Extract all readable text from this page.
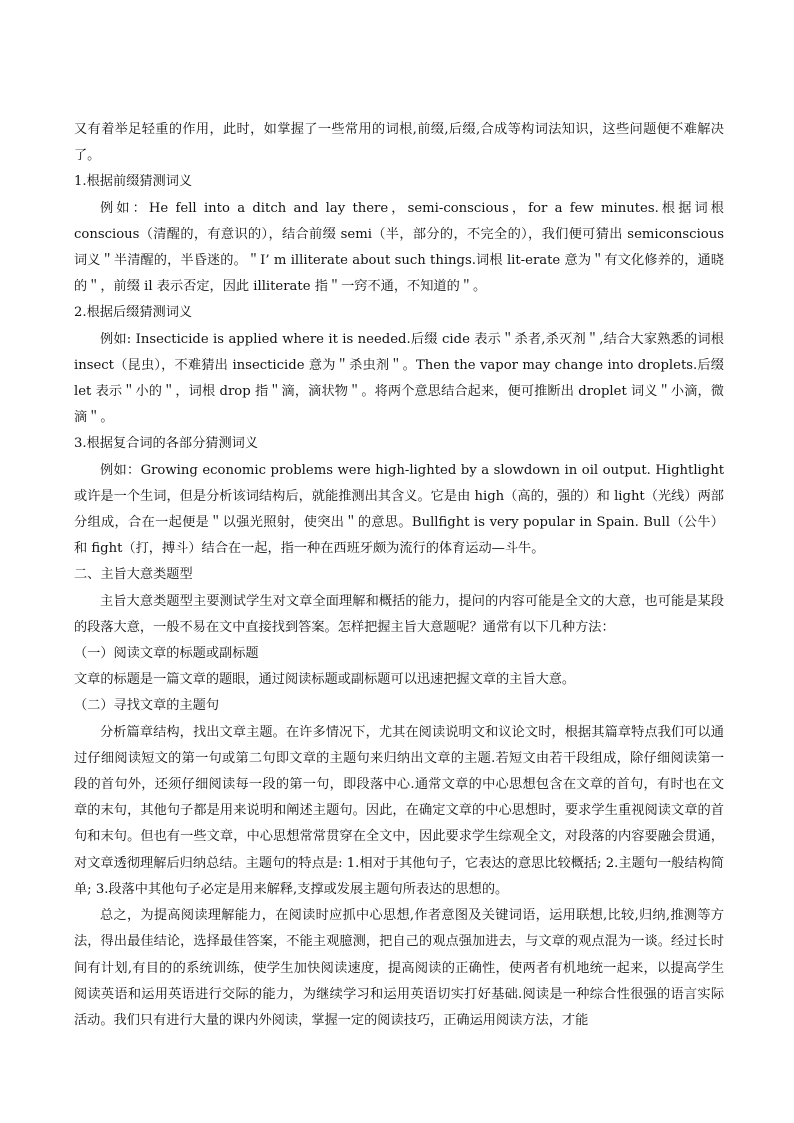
又有着举足轻重的作用，此时，如掌握了一些常用的词根,前缀,后缀,合成等构词法知识，这些问题便不难解决了。

1.根据前缀猜测词义

例如：He fell into a ditch and lay there，semi-conscious，for a few minutes.根据词根 conscious（清醒的，有意识的），结合前缀 semi（半，部分的，不完全的），我们便可猜出 semiconscious 词义＂半清醒的，半昏迷的。＂I’ m illiterate about such things.词根 lit-erate 意为＂有文化修养的，通晓的＂，前缀 il 表示否定，因此 illiterate 指＂一窍不通，不知道的＂。

2.根据后缀猜测词义

例如: Insecticide is applied where it is needed.后缀 cide 表示＂杀者,杀灭剂＂,结合大家熟悉的词根 insect（昆虫），不难猜出 insecticide 意为＂杀虫剂＂。Then the vapor may change into droplets.后缀 let 表示＂小的＂，词根 drop 指＂滴，滴状物＂。将两个意思结合起来，便可推断出 droplet 词义＂小滴，微滴＂。

3.根据复合词的各部分猜测词义

例如：Growing economic problems were high-lighted by a slowdown in oil output. Hightlight 或许是一个生词，但是分析该词结构后，就能推测出其含义。它是由 high（高的，强的）和 light（光线）两部分组成，合在一起便是＂以强光照射，使突出＂的意思。Bullfight is very popular in Spain. Bull（公牛）和 fight（打，搏斗）结合在一起，指一种在西班牙颇为流行的体育运动—斗牛。

二、主旨大意类题型

主旨大意类题型主要测试学生对文章全面理解和概括的能力，提问的内容可能是全文的大意，也可能是某段的段落大意，一般不易在文中直接找到答案。怎样把握主旨大意题呢？通常有以下几种方法：

（一）阅读文章的标题或副标题

文章的标题是一篇文章的题眼，通过阅读标题或副标题可以迅速把握文章的主旨大意。

（二）寻找文章的主题句

分析篇章结构，找出文章主题。在许多情况下，尤其在阅读说明文和议论文时，根据其篇章特点我们可以通过仔细阅读短文的第一句或第二句即文章的主题句来归纳出文章的主题.若短文由若干段组成，除仔细阅读第一段的首句外，还须仔细阅读每一段的第一句，即段落中心.通常文章的中心思想包含在文章的首句，有时也在文章的末句，其他句子都是用来说明和阐述主题句。因此，在确定文章的中心思想时，要求学生重视阅读文章的首句和末句。但也有一些文章，中心思想常常贯穿在全文中，因此要求学生综观全文，对段落的内容要融会贯通，对文章透彻理解后归纳总结。主题句的特点是: 1.相对于其他句子，它表达的意思比较概括; 2.主题句一般结构简单; 3.段落中其他句子必定是用来解释,支撑或发展主题句所表达的思想的。

总之，为提高阅读理解能力，在阅读时应抓中心思想,作者意图及关键词语，运用联想,比较,归纳,推测等方法，得出最佳结论，选择最佳答案，不能主观臆测，把自己的观点强加进去，与文章的观点混为一谈。经过长时间有计划,有目的的系统训练，使学生加快阅读速度，提高阅读的正确性，使两者有机地统一起来，以提高学生阅读英语和运用英语进行交际的能力，为继续学习和运用英语切实打好基础.阅读是一种综合性很强的语言实际活动。我们只有进行大量的课内外阅读，掌握一定的阅读技巧，正确运用阅读方法，才能
